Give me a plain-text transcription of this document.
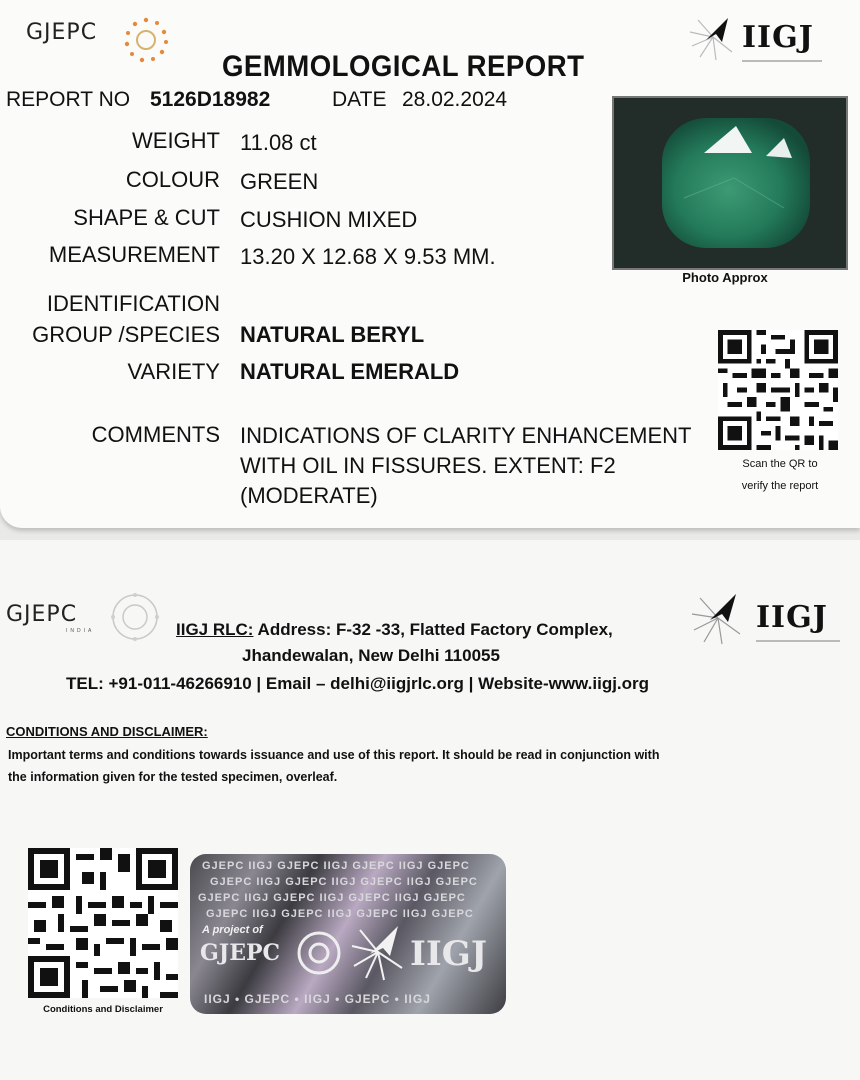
GJEPC	IIGJ
GEMMOLOGICAL REPORT
REPORT NO 5126D18982	DATE 28.02.2024
WEIGHT 11.08 ct
COLOUR GREEN
SHAPE & CUT CUSHION MIXED
MEASUREMENT 13.20 X 12.68 X 9.53 MM.
IDENTIFICATION
GROUP /SPECIES NATURAL BERYL
VARIETY NATURAL EMERALD
COMMENTS INDICATIONS OF CLARITY ENHANCEMENT
WITH OIL IN FISSURES. EXTENT: F2
(MODERATE)
Photo Approx
Scan the QR to
verify the report
GJEPC
INDIA	IIGJ
IIGJ RLC: Address: F-32 -33, Flatted Factory Complex,
Jhandewalan, New Delhi 110055
TEL: +91-011-46266910 | Email – delhi@iigjrlc.org | Website-www.iigj.org
CONDITIONS AND DISCLAIMER:
Important terms and conditions towards issuance and use of this report. It should be read in conjunction with
the information given for the tested specimen, overleaf.
Conditions and Disclaimer
GJEPC IIGJ GJEPC IIGJ GJEPC IIGJ GJEPC
GJEPC IIGJ GJEPC IIGJ GJEPC IIGJ GJEPC
GJEPC IIGJ GJEPC IIGJ GJEPC IIGJ GJEPC
GJEPC IIGJ GJEPC IIGJ GJEPC IIGJ GJEPC
A project of
GJEPC	IIGJ
IIGJ • GJEPC • IIGJ • GJEPC • IIGJ
